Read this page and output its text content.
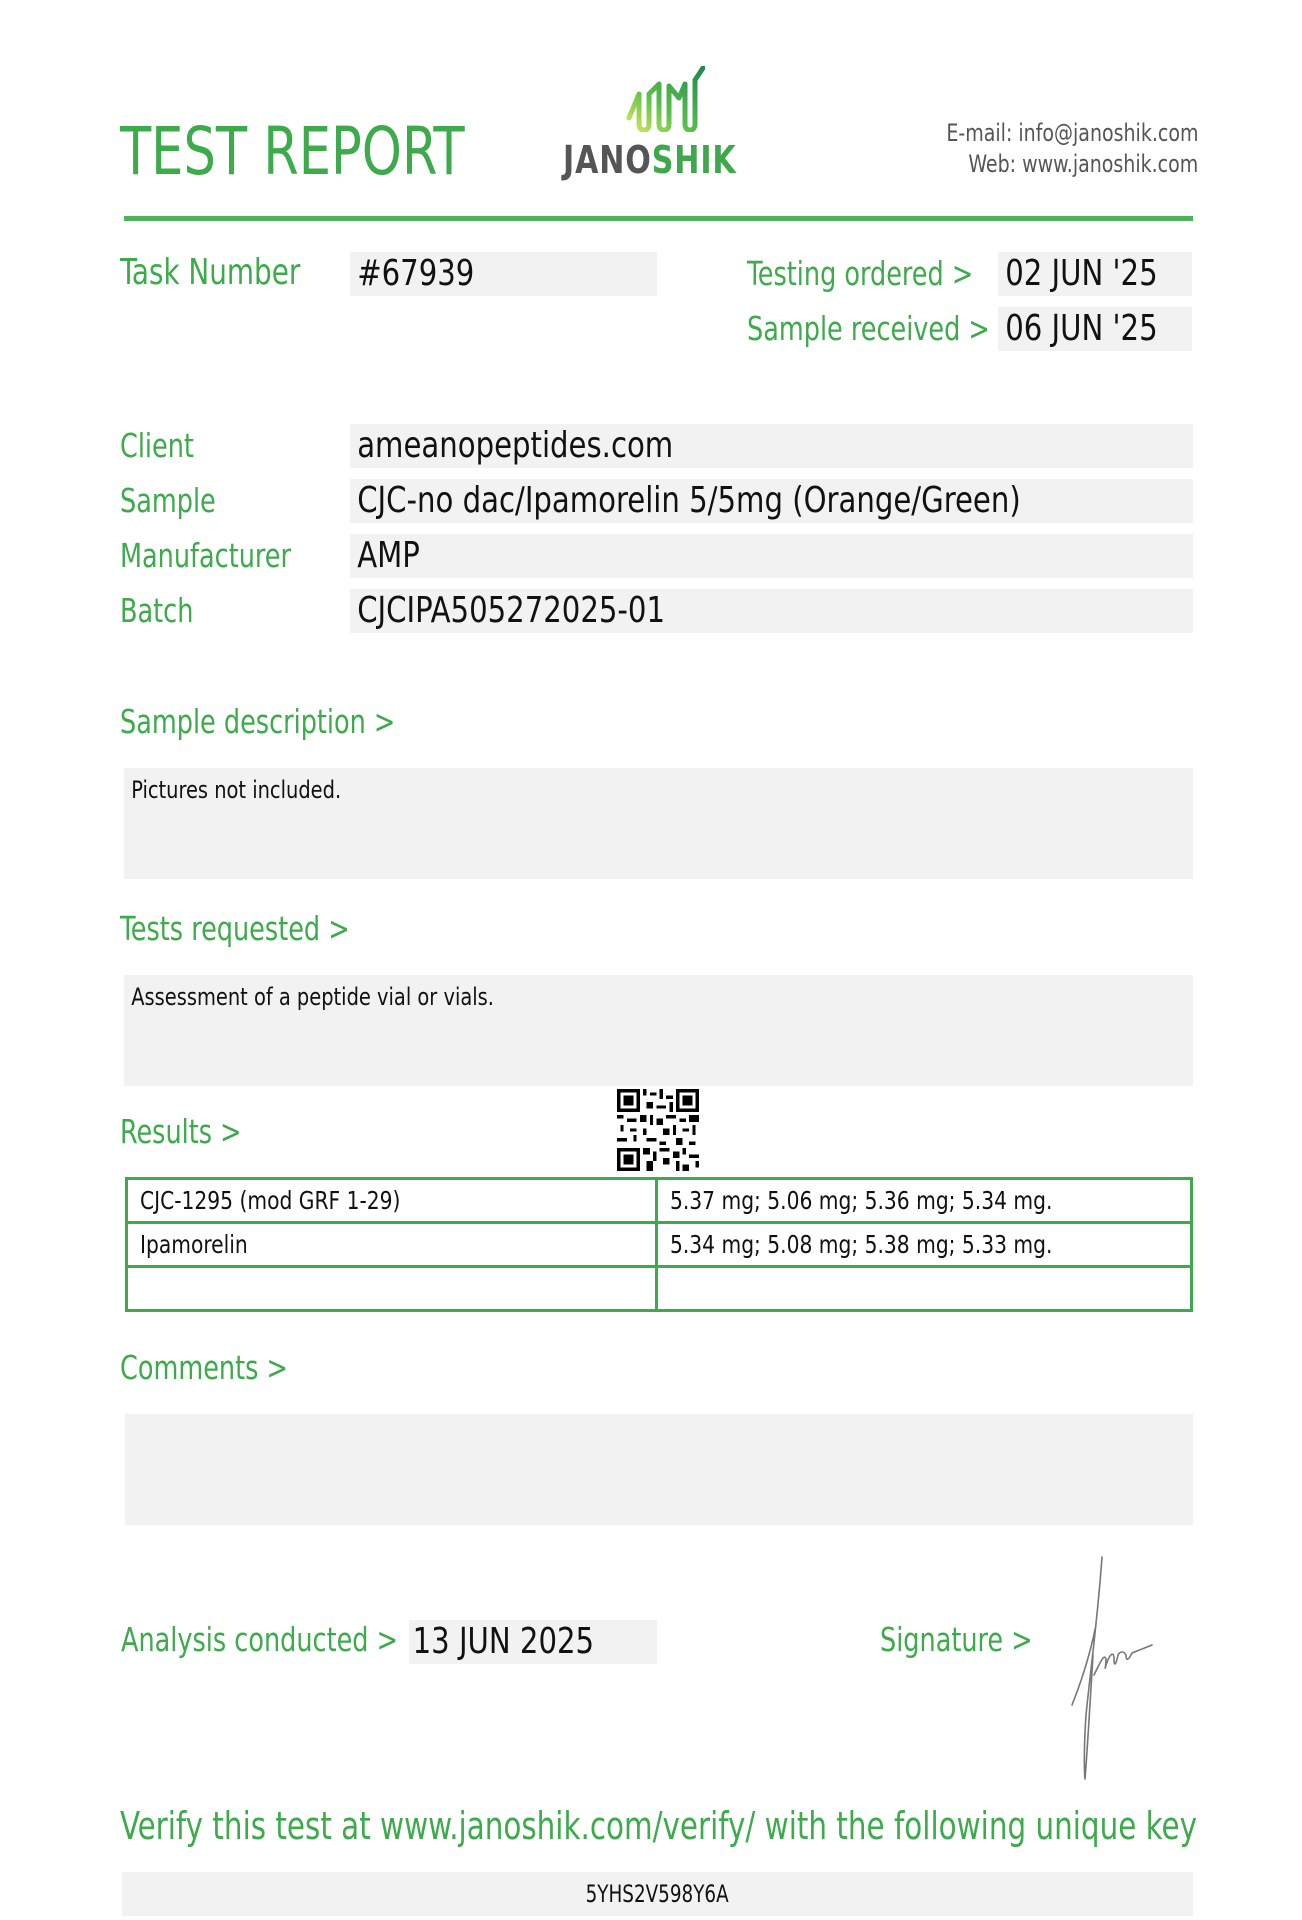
TEST REPORT	JANOSHIK
E-mail: info@janoshik.com
Web: www.janoshik.com
Task Number #67939	Testing ordered > 02 JUN '25
Sample received > 06 JUN '25
Client	ameanopeptides.com
Sample	CJC-no dac/Ipamorelin 5/5mg (Orange/Green)
Manufacturer AMP
Batch	CJCIPA505272025-01
Sample description >
Pictures not included.
Tests requested >
Assessment of a peptide vial or vials.
Results >
CJC-1295 (mod GRF 1-29)	5.37 mg; 5.06 mg; 5.36 mg; 5.34 mg.
Ipamorelin	5.34 mg; 5.08 mg; 5.38 mg; 5.33 mg.

Comments >
Analysis conducted > 13 JUN 2025	Signature >
Verify this test at www.janoshik.com/verify/ with the following unique key
5YHS2V598Y6A
